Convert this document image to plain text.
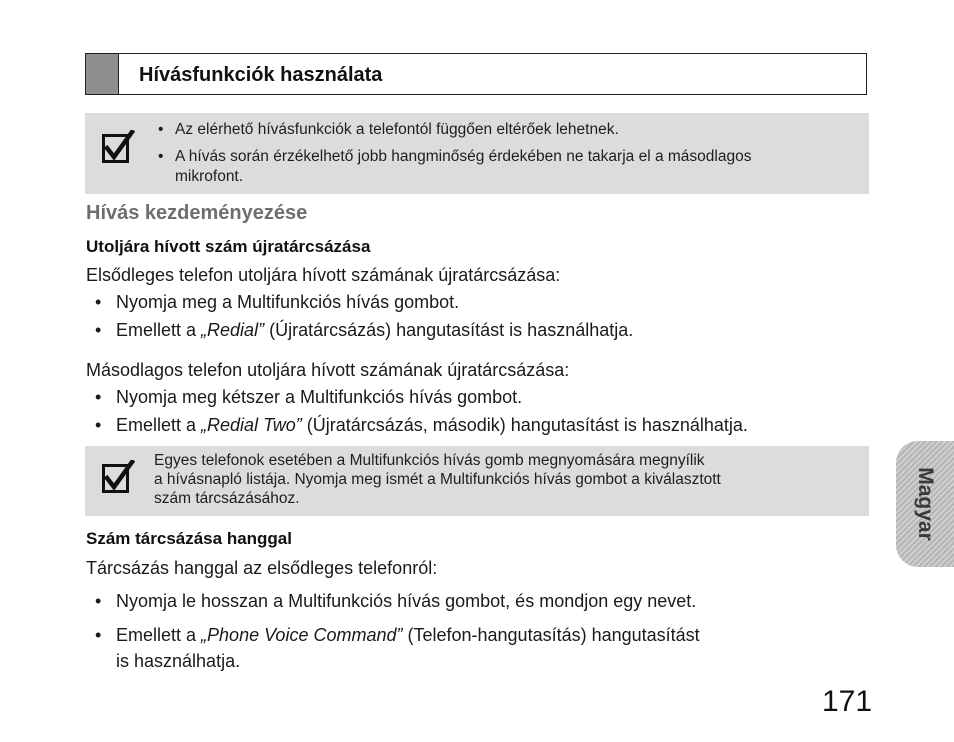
Hívásfunkciók használata
• Az elérhető hívásfunkciók a telefontól függően eltérőek lehetnek.
• A hívás során érzékelhető jobb hangminőség érdekében ne takarja el a másodlagos
mikrofont.
Hívás kezdeményezése
Utoljára hívott szám újratárcsázása
Elsődleges telefon utoljára hívott számának újratárcsázása:
• Nyomja meg a Multifunkciós hívás gombot.
• Emellett a „Redial” (Újratárcsázás) hangutasítást is használhatja.
Másodlagos telefon utoljára hívott számának újratárcsázása:
• Nyomja meg kétszer a Multifunkciós hívás gombot.
• Emellett a „Redial Two” (Újratárcsázás, második) hangutasítást is használhatja.
Egyes telefonok esetében a Multifunkciós hívás gomb megnyomására megnyílik
a hívásnapló listája. Nyomja meg ismét a Multifunkciós hívás gombot a kiválasztott
szám tárcsázásához.
Szám tárcsázása hanggal
Tárcsázás hanggal az elsődleges telefonról:
• Nyomja le hosszan a Multifunkciós hívás gombot, és mondjon egy nevet.
• Emellett a „Phone Voice Command” (Telefon-hangutasítás) hangutasítást
is használhatja.
Magyar
171
